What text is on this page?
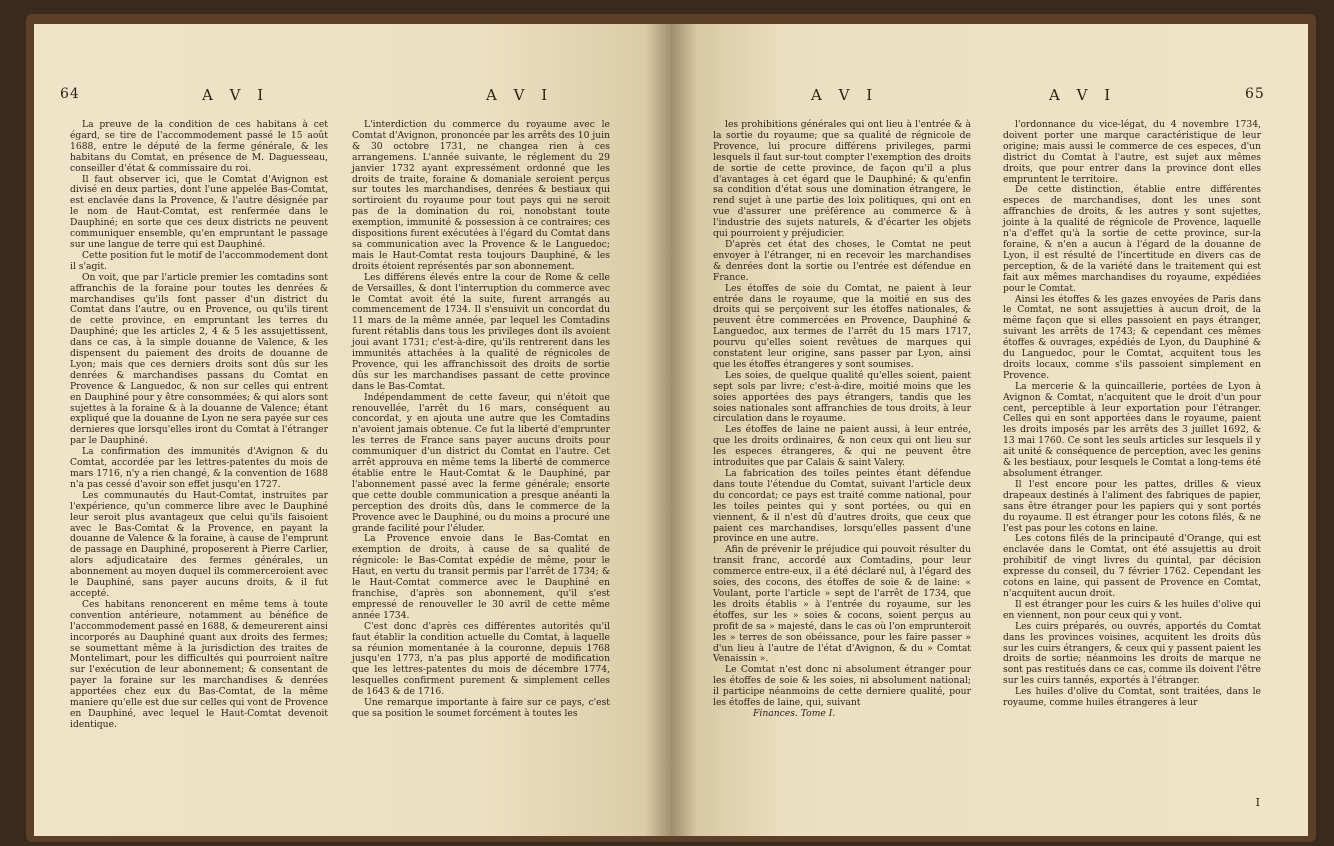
64	A V I	A V I

La preuve de la condition de ces habitans à cet égard, se tire de l'accommodement passé le 15 août 1688, entre le député de la ferme générale, & les habitans du Comtat, en présence de M. Daguesseau, conseiller d'état & commissaire du roi.

Il faut observer ici, que le Comtat d'Avignon est divisé en deux parties, dont l'une appelée Bas-Comtat, est enclavée dans la Provence, & l'autre désignée par le nom de Haut-Comtat, est renfermée dans le Dauphiné; en sorte que ces deux districts ne peuvent communiquer ensemble, qu'en empruntant le passage sur une langue de terre qui est Dauphiné.

Cette position fut le motif de l'accommodement dont il s'agit.

On voit, que par l'article premier les comtadins sont affranchis de la foraine pour toutes les denrées & marchandises qu'ils font passer d'un district du Comtat dans l'autre, ou en Provence, ou qu'ils tirent de cette province, en empruntant les terres du Dauphiné; que les articles 2, 4 & 5 les assujettissent, dans ce cas, à la simple douanne de Valence, & les dispensent du paiement des droits de douanne de Lyon; mais que ces derniers droits sont dûs sur les denrées & marchandises passans du Comtat en Provence & Languedoc, & non sur celles qui entrent en Dauphiné pour y être consommées; & qui alors sont sujettes à la foraine & à la douanne de Valence; étant expliqué que la douanne de Lyon ne sera payée sur ces dernieres que lorsqu'elles iront du Comtat à l'étranger par le Dauphiné.

La confirmation des immunités d'Avignon & du Comtat, accordée par les lettres-patentes du mois de mars 1716, n'y a rien changé, & la convention de 1688 n'a pas cessé d'avoir son effet jusqu'en 1727.

Les communautés du Haut-Comtat, instruites par l'expérience, qu'un commerce libre avec le Dauphiné leur seroit plus avantageux que celui qu'ils faisoient avec le Bas-Comtat & la Provence, en payant la douanne de Valence & la foraine, à cause de l'emprunt de passage en Dauphiné, proposerent à Pierre Carlier, alors adjudicataire des fermes générales, un abonnement au moyen duquel ils commerceroient avec le Dauphiné, sans payer aucuns droits, & il fut accepté.

Ces habitans renoncerent en même tems à toute convention antérieure, notamment au bénéfice de l'accommodement passé en 1688, & demeurerent ainsi incorporés au Dauphiné quant aux droits des fermes; se soumettant même à la jurisdiction des traites de Montelimart, pour les difficultés qui pourroient naître sur l'exécution de leur abonnement; & consentant de payer la foraine sur les marchandises & denrées apportées chez eux du Bas-Comtat, de la même maniere qu'elle est due sur celles qui vont de Provence en Dauphiné, avec lequel le Haut-Comtat devenoit identique.

L'interdiction du commerce du royaume avec le Comtat d'Avignon, prononcée par les arrêts des 10 juin & 30 octobre 1731, ne changea rien à ces arrangemens. L'année suivante, le réglement du 29 janvier 1732 ayant expressément ordonné que les droits de traite, foraine & domaniale seroient perçus sur toutes les marchandises, denrées & bestiaux qui sortiroient du royaume pour tout pays qui ne seroit pas de la domination du roi, nonobstant toute exemption, immunité & possession à ce contraires; ces dispositions furent exécutées à l'égard du Comtat dans sa communication avec la Provence & le Languedoc; mais le Haut-Comtat resta toujours Dauphiné, & les droits étoient représentés par son abonnement.

Les différens élevés entre la cour de Rome & celle de Versailles, & dont l'interruption du commerce avec le Comtat avoit été la suite, furent arrangés au commencement de 1734. Il s'ensuivit un concordat du 11 mars de la même année, par lequel les Comtadins furent rétablis dans tous les privileges dont ils avoient joui avant 1731; c'est-à-dire, qu'ils rentrerent dans les immunités attachées à la qualité de régnicoles de Provence, qui les affranchissoit des droits de sortie dûs sur les marchandises passant de cette province dans le Bas-Comtat.

Indépendamment de cette faveur, qui n'étoit que renouvellée, l'arrêt du 16 mars, conséquent au concordat, y en ajouta une autre que les Comtadins n'avoient jamais obtenue. Ce fut la liberté d'emprunter les terres de France sans payer aucuns droits pour communiquer d'un district du Comtat en l'autre. Cet arrêt approuva en même tems la liberté de commerce établie entre le Haut-Comtat & le Dauphiné, par l'abonnement passé avec la ferme générale; ensorte que cette double communication a presque anéanti la perception des droits dûs, dans le commerce de la Provence avec le Dauphiné, ou du moins a procuré une grande facilité pour l'éluder.

La Provence envoie dans le Bas-Comtat en exemption de droits, à cause de sa qualité de régnicole: le Bas-Comtat expédie de même, pour le Haut, en vertu du transit permis par l'arrêt de 1734; & le Haut-Comtat commerce avec le Dauphiné en franchise, d'après son abonnement, qu'il s'est empressé de renouveller le 30 avril de cette même année 1734.

C'est donc d'après ces différentes autorités qu'il faut établir la condition actuelle du Comtat, à laquelle sa réunion momentanée à la couronne, depuis 1768 jusqu'en 1773, n'a pas plus apporté de modification que les lettres-patentes du mois de décembre 1774, lesquelles confirment purement & simplement celles de 1643 & de 1716.

Une remarque importante à faire sur ce pays, c'est que sa position le soumet forcément à toutes les

A V I	A V I	65

les prohibitions générales qui ont lieu à l'entrée & à la sortie du royaume; que sa qualité de régnicole de Provence, lui procure différens privileges, parmi lesquels il faut sur-tout compter l'exemption des droits de sortie de cette province, de façon qu'il a plus d'avantages à cet égard que le Dauphiné; & qu'enfin sa condition d'état sous une domination étrangere, le rend sujet à une partie des loix politiques, qui ont en vue d'assurer une préférence au commerce & à l'industrie des sujets naturels, & d'écarter les objets qui pourroient y préjudicier.

D'après cet état des choses, le Comtat ne peut envoyer à l'étranger, ni en recevoir les marchandises & denrées dont la sortie ou l'entrée est défendue en France.

Les étoffes de soie du Comtat, ne paient à leur entrée dans le royaume, que la moitié en sus des droits qui se perçoivent sur les étoffes nationales, & peuvent être commercées en Provence, Dauphiné & Languedoc, aux termes de l'arrêt du 15 mars 1717, pourvu qu'elles soient revêtues de marques qui constatent leur origine, sans passer par Lyon, ainsi que les étoffes étrangeres y sont soumises.

Les soies, de quelque qualité qu'elles soient, paient sept sols par livre; c'est-à-dire, moitié moins que les soies apportées des pays étrangers, tandis que les soies nationales sont affranchies de tous droits, à leur circulation dans le royaume.

Les étoffes de laine ne paient aussi, à leur entrée, que les droits ordinaires, & non ceux qui ont lieu sur les especes étrangeres, & qui ne peuvent être introduites que par Calais & saint Valery.

La fabrication des toiles peintes étant défendue dans toute l'étendue du Comtat, suivant l'article deux du concordat; ce pays est traité comme national, pour les toiles peintes qui y sont portées, ou qui en viennent, & il n'est dû d'autres droits, que ceux que paient ces marchandises, lorsqu'elles passent d'une province en une autre.

Afin de prévenir le préjudice qui pouvoit résulter du transit franc, accordé aux Comtadins, pour leur commerce entre-eux, il a été déclaré nul, à l'égard des soies, des cocons, des étoffes de soie & de laine: « Voulant, porte l'article » sept de l'arrêt de 1734, que les droits établis » à l'entrée du royaume, sur les étoffes, sur les » soies & cocons, soient perçus au profit de sa » majesté, dans le cas où l'on emprunteroit les » terres de son obéissance, pour les faire passer » d'un lieu à l'autre de l'état d'Avignon, & du » Comtat Venaissin ».

Le Comtat n'est donc ni absolument étranger pour les étoffes de soie & les soies, ni absolument national; il participe néanmoins de cette derniere qualité, pour les étoffes de laine, qui, suivant

Finances. Tome I.

l'ordonnance du vice-légat, du 4 novembre 1734, doivent porter une marque caractéristique de leur origine; mais aussi le commerce de ces especes, d'un district du Comtat à l'autre, est sujet aux mêmes droits, que pour entrer dans la province dont elles empruntent le territoire.

De cette distinction, établie entre différentes especes de marchandises, dont les unes sont affranchies de droits, & les autres y sont sujettes, jointe à la qualité de régnicole de Provence, laquelle n'a d'effet qu'à la sortie de cette province, sur-la foraine, & n'en a aucun à l'égard de la douanne de Lyon, il est résulté de l'incertitude en divers cas de perception, & de la variété dans le traitement qui est fait aux mêmes marchandises du royaume, expédiées pour le Comtat.

Ainsi les étoffes & les gazes envoyées de Paris dans le Comtat, ne sont assujetties à aucun droit, de la même façon que si elles passoient en pays étranger, suivant les arrêts de 1743; & cependant ces mêmes étoffes & ouvrages, expédiés de Lyon, du Dauphiné & du Languedoc, pour le Comtat, acquitent tous les droits locaux, comme s'ils passoient simplement en Provence.

La mercerie & la quincaillerie, portées de Lyon à Avignon & Comtat, n'acquitent que le droit d'un pour cent, perceptible à leur exportation pour l'étranger. Celles qui en sont apportées dans le royaume, paient les droits imposés par les arrêts des 3 juillet 1692, & 13 mai 1760. Ce sont les seuls articles sur lesquels il y ait unité & conséquence de perception, avec les genins & les bestiaux, pour lesquels le Comtat a long-tems été absolument étranger.

Il l'est encore pour les pattes, drilles & vieux drapeaux destinés à l'aliment des fabriques de papier, sans être étranger pour les papiers qui y sont portés du royaume. Il est étranger pour les cotons filés, & ne l'est pas pour les cotons en laine.

Les cotons filés de la principauté d'Orange, qui est enclavée dans le Comtat, ont été assujettis au droit prohibitif de vingt livres du quintal, par décision expresse du conseil, du 7 février 1762. Cependant les cotons en laine, qui passent de Provence en Comtat, n'acquitent aucun droit.

Il est étranger pour les cuirs & les huiles d'olive qui en viennent, non pour ceux qui y vont.

Les cuirs préparés, ou ouvrés, apportés du Comtat dans les provinces voisines, acquitent les droits dûs sur les cuirs étrangers, & ceux qui y passent paient les droits de sortie; néanmoins les droits de marque ne sont pas restitués dans ce cas, comme ils doivent l'être sur les cuirs tannés, exportés à l'étranger.

Les huiles d'olive du Comtat, sont traitées, dans le royaume, comme huiles étrangeres à leur

I
